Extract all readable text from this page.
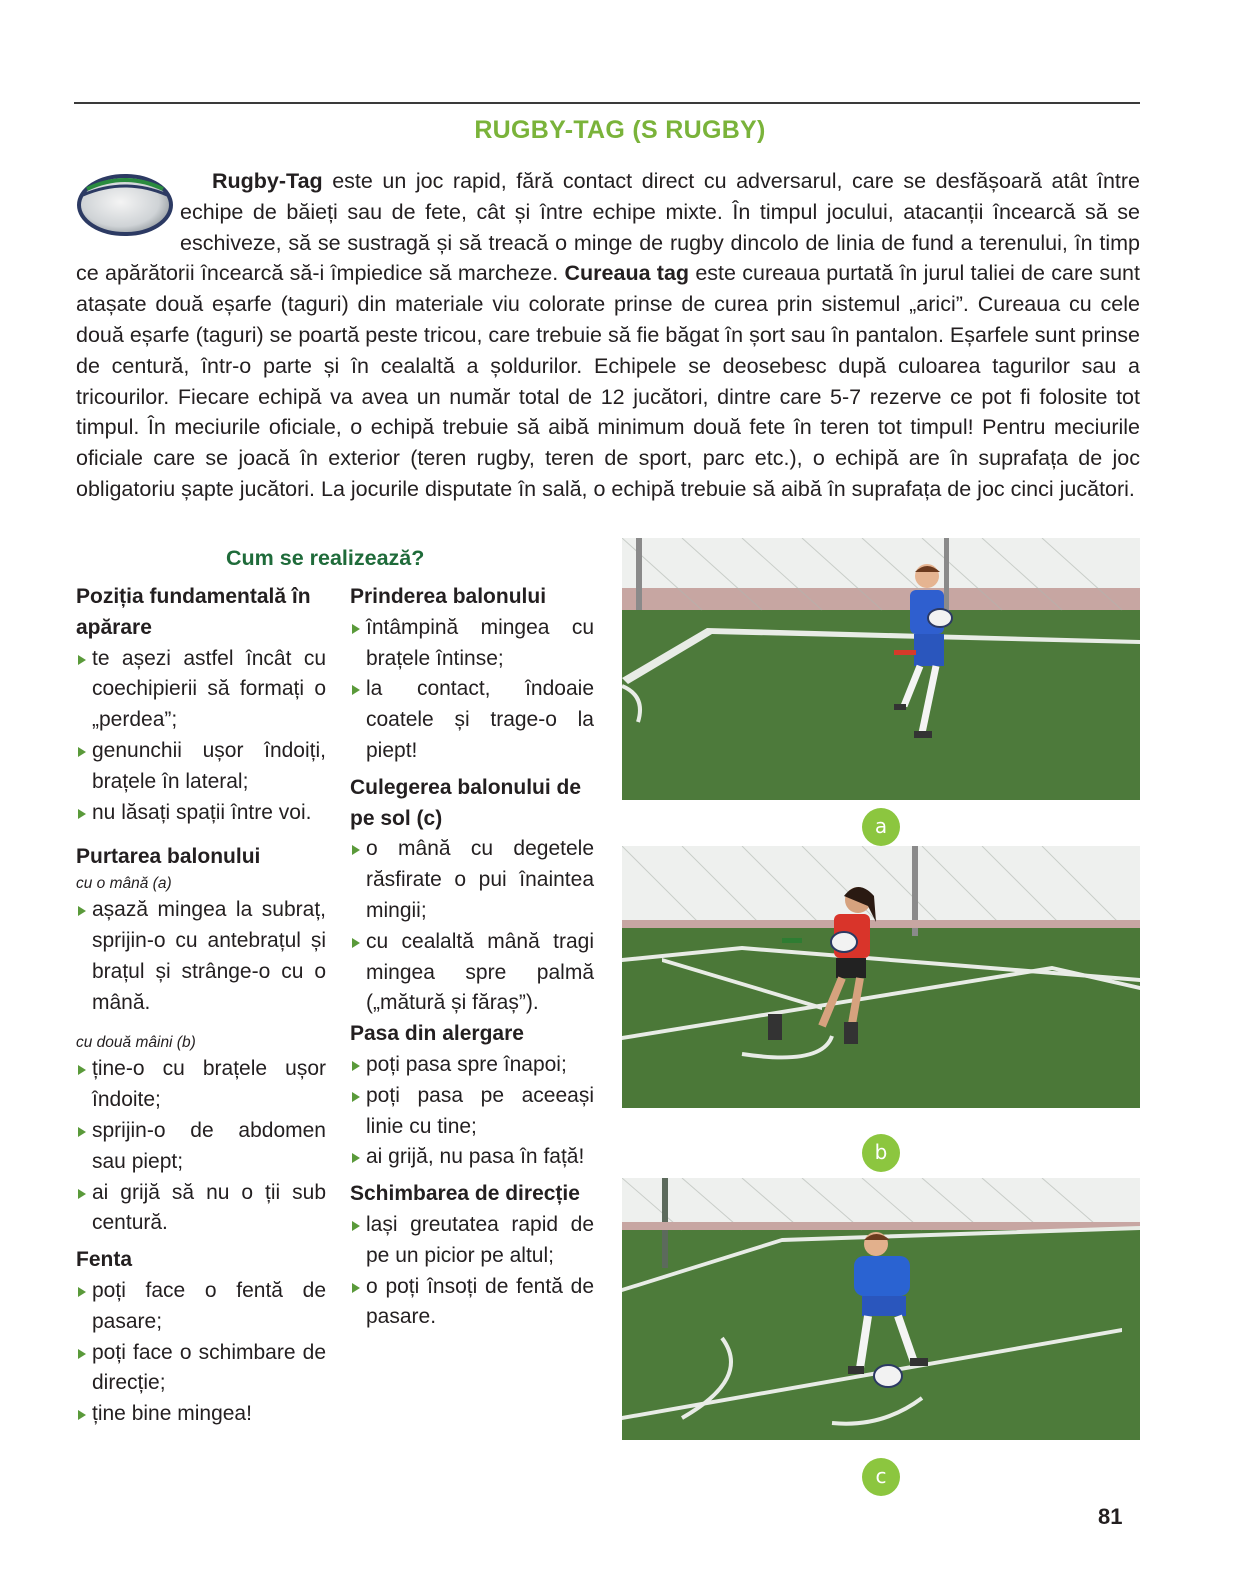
RUGBY-TAG (S RUGBY)
Rugby-Tag este un joc rapid, fără contact direct cu adversarul, care se desfășoară atât între echipe de băieți sau de fete, cât și între echipe mixte. În timpul jocului, atacanții încearcă să se eschiveze, să se sustragă și să treacă o minge de rugby dincolo de linia de fund a terenului, în timp ce apărătorii încearcă să-i împiedice să marcheze. Cureaua tag este cureaua purtată în jurul taliei de care sunt atașate două eșarfe (taguri) din materiale viu colorate prinse de curea prin sistemul „arici”. Cureaua cu cele două eșarfe (taguri) se poartă peste tricou, care trebuie să fie băgat în șort sau în pantalon. Eșarfele sunt prinse de centură, într-o parte și în cealaltă a șoldurilor. Echipele se deosebesc după culoarea tagurilor sau a tricourilor. Fiecare echipă va avea un număr total de 12 jucători, dintre care 5-7 rezerve ce pot fi folosite tot timpul. În meciurile oficiale, o echipă trebuie să aibă minimum două fete în teren tot timpul! Pentru meciurile oficiale care se joacă în exterior (teren rugby, teren de sport, parc etc.), o echipă are în suprafața de joc obligatoriu șapte jucători. La jocurile disputate în sală, o echipă trebuie să aibă în suprafața de joc cinci jucători.
Cum se realizează?

Poziția fundamentală în apărare

te așezi astfel încât cu coechipierii să formați o „perdea”;
genunchii ușor îndoiți, brațele în lateral;
nu lăsați spații între voi.

Purtarea balonului

cu o mână (a)

așază mingea la subraț, sprijin-o cu antebrațul și brațul și strânge-o cu o mână.

cu două mâini (b)

ține-o cu brațele ușor îndoite;
sprijin-o de abdomen sau piept;
ai grijă să nu o ții sub centură.

Fenta

poți face o fentă de pasare;
poți face o schimbare de direcție;
ține bine mingea!

Prinderea balonului

întâmpină mingea cu brațele întinse;
la contact, îndoaie coatele și trage-o la piept!

Culegerea balonului de pe sol (c)

o mână cu degetele răsfirate o pui înaintea mingii;
cu cealaltă mână tragi mingea spre palmă („mătură și făraș”).

Pasa din alergare

poți pasa spre înapoi;
poți pasa pe aceeași linie cu tine;
ai grijă, nu pasa în față!

Schimbarea de direcție

lași greutatea rapid de pe un picior pe altul;
o poți însoți de fentă de pasare.
a
b
c
81
